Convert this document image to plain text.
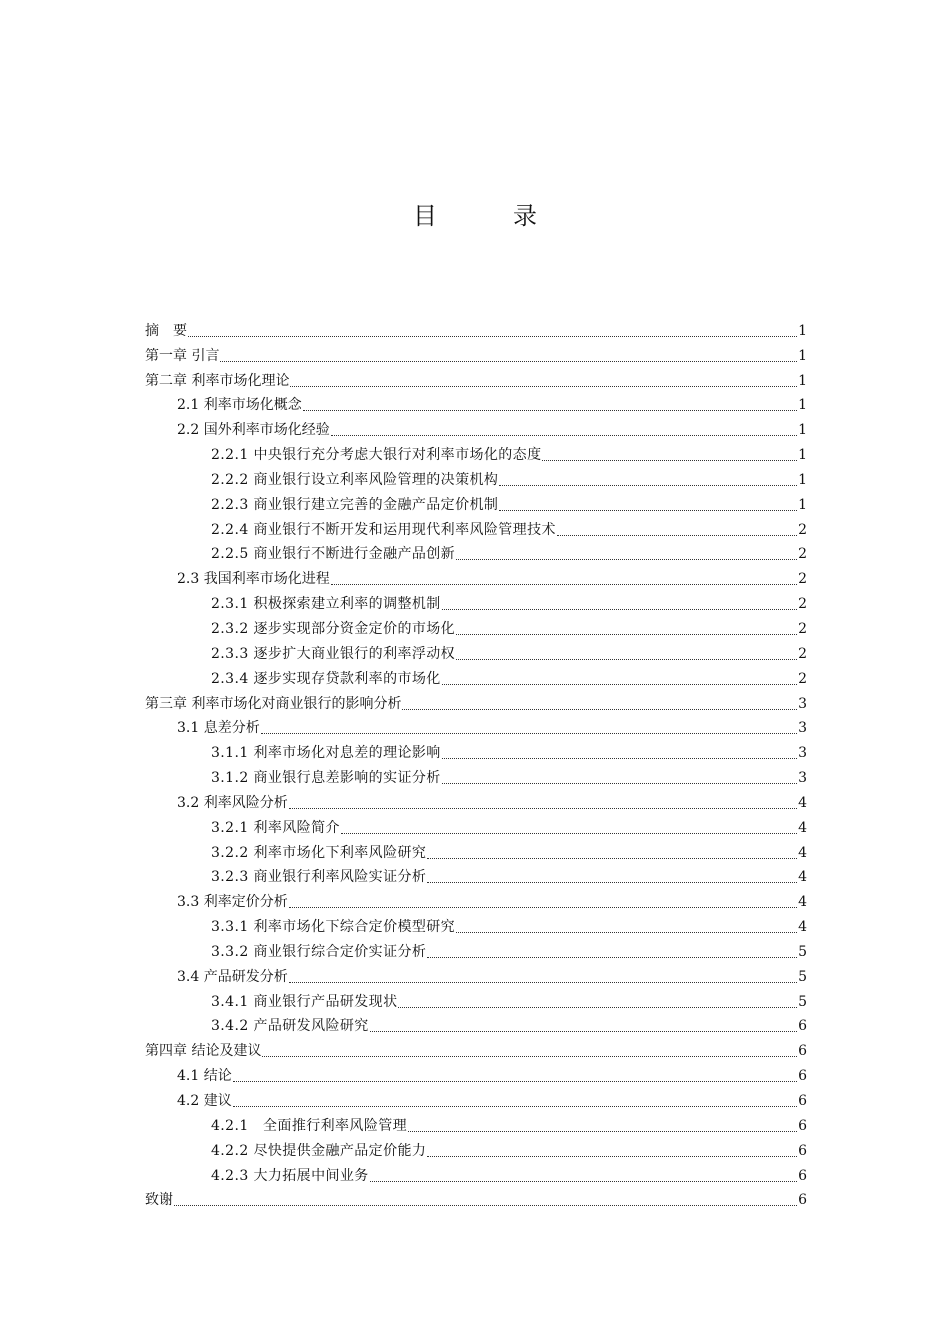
目　录
摘　要	1
第一章 引言	1
第二章 利率市场化理论	1
2.1 利率市场化概念	1
2.2 国外利率市场化经验	1
2.2.1 中央银行充分考虑大银行对利率市场化的态度	1
2.2.2 商业银行设立利率风险管理的决策机构	1
2.2.3 商业银行建立完善的金融产品定价机制	1
2.2.4 商业银行不断开发和运用现代利率风险管理技术	2
2.2.5 商业银行不断进行金融产品创新	2
2.3 我国利率市场化进程	2
2.3.1 积极探索建立利率的调整机制	2
2.3.2 逐步实现部分资金定价的市场化	2
2.3.3 逐步扩大商业银行的利率浮动权	2
2.3.4 逐步实现存贷款利率的市场化	2
第三章 利率市场化对商业银行的影响分析	3
3.1 息差分析	3
3.1.1 利率市场化对息差的理论影响	3
3.1.2 商业银行息差影响的实证分析	3
3.2 利率风险分析	4
3.2.1 利率风险简介	4
3.2.2 利率市场化下利率风险研究	4
3.2.3 商业银行利率风险实证分析	4
3.3 利率定价分析	4
3.3.1 利率市场化下综合定价模型研究	4
3.3.2 商业银行综合定价实证分析	5
3.4 产品研发分析	5
3.4.1 商业银行产品研发现状	5
3.4.2 产品研发风险研究	6
第四章 结论及建议	6
4.1 结论	6
4.2 建议	6
4.2.1　全面推行利率风险管理	6
4.2.2 尽快提供金融产品定价能力	6
4.2.3 大力拓展中间业务	6
致谢	6
